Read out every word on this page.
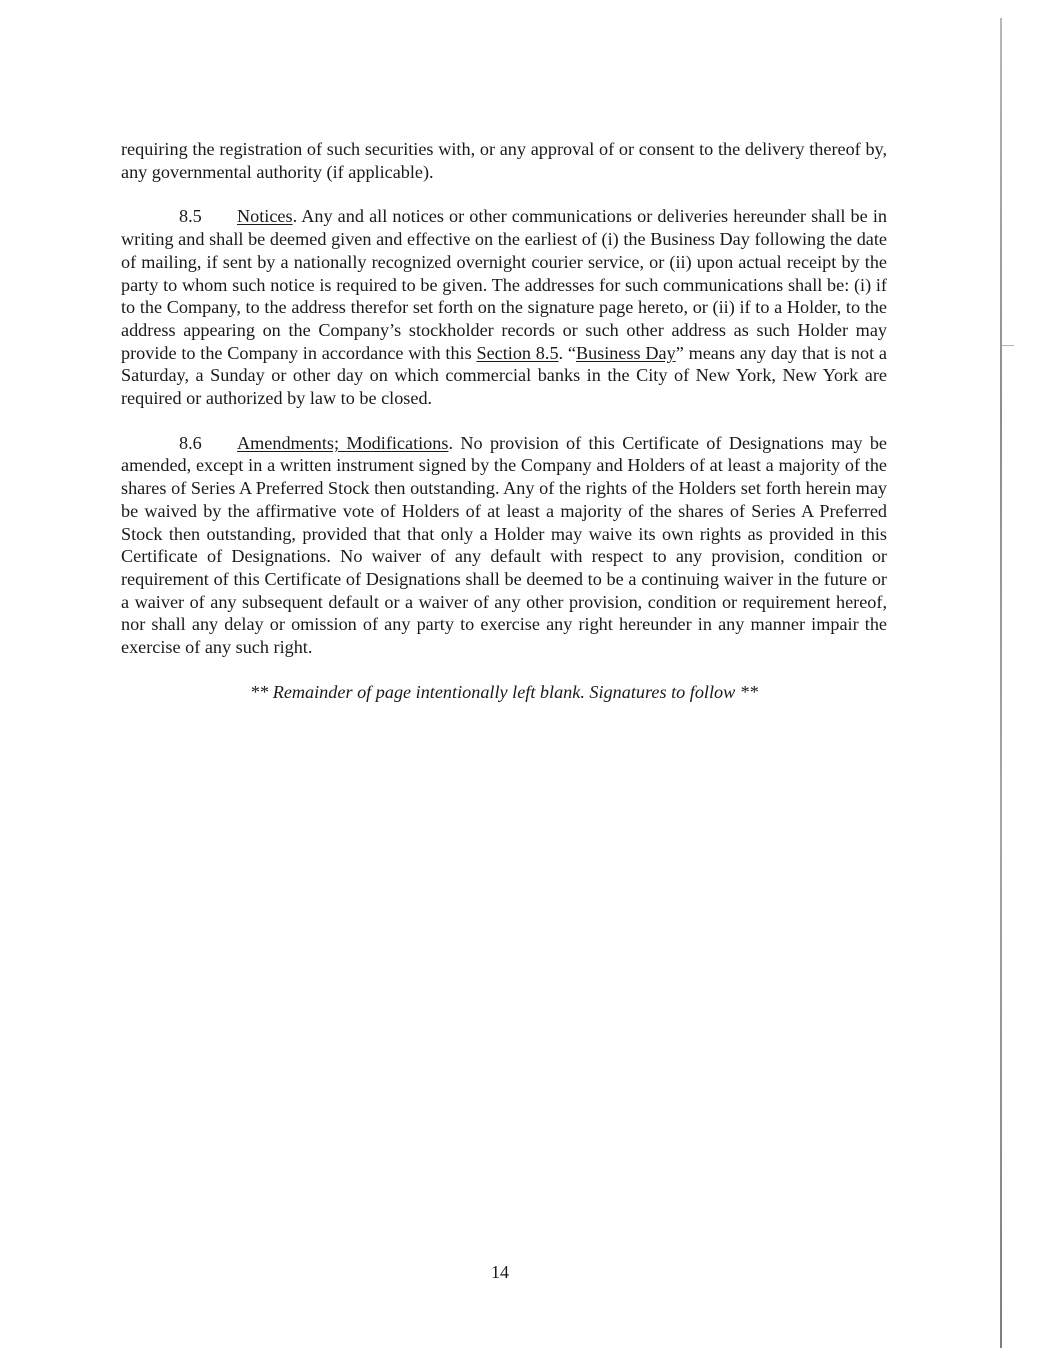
requiring the registration of such securities with, or any approval of or consent to the delivery thereof by, any governmental authority (if applicable).

8.5 Notices. Any and all notices or other communications or deliveries hereunder shall be in writing and shall be deemed given and effective on the earliest of (i) the Business Day following the date of mailing, if sent by a nationally recognized overnight courier service, or (ii) upon actual receipt by the party to whom such notice is required to be given. The addresses for such communications shall be: (i) if to the Company, to the address therefor set forth on the signature page hereto, or (ii) if to a Holder, to the address appearing on the Company’s stockholder records or such other address as such Holder may provide to the Company in accordance with this Section 8.5. “Business Day” means any day that is not a Saturday, a Sunday or other day on which commercial banks in the City of New York, New York are required or authorized by law to be closed.

8.6 Amendments; Modifications. No provision of this Certificate of Designations may be amended, except in a written instrument signed by the Company and Holders of at least a majority of the shares of Series A Preferred Stock then outstanding. Any of the rights of the Holders set forth herein may be waived by the affirmative vote of Holders of at least a majority of the shares of Series A Preferred Stock then outstanding, provided that that only a Holder may waive its own rights as provided in this Certificate of Designations. No waiver of any default with respect to any provision, condition or requirement of this Certificate of Designations shall be deemed to be a continuing waiver in the future or a waiver of any subsequent default or a waiver of any other provision, condition or requirement hereof, nor shall any delay or omission of any party to exercise any right hereunder in any manner impair the exercise of any such right.

** Remainder of page intentionally left blank. Signatures to follow **

14
